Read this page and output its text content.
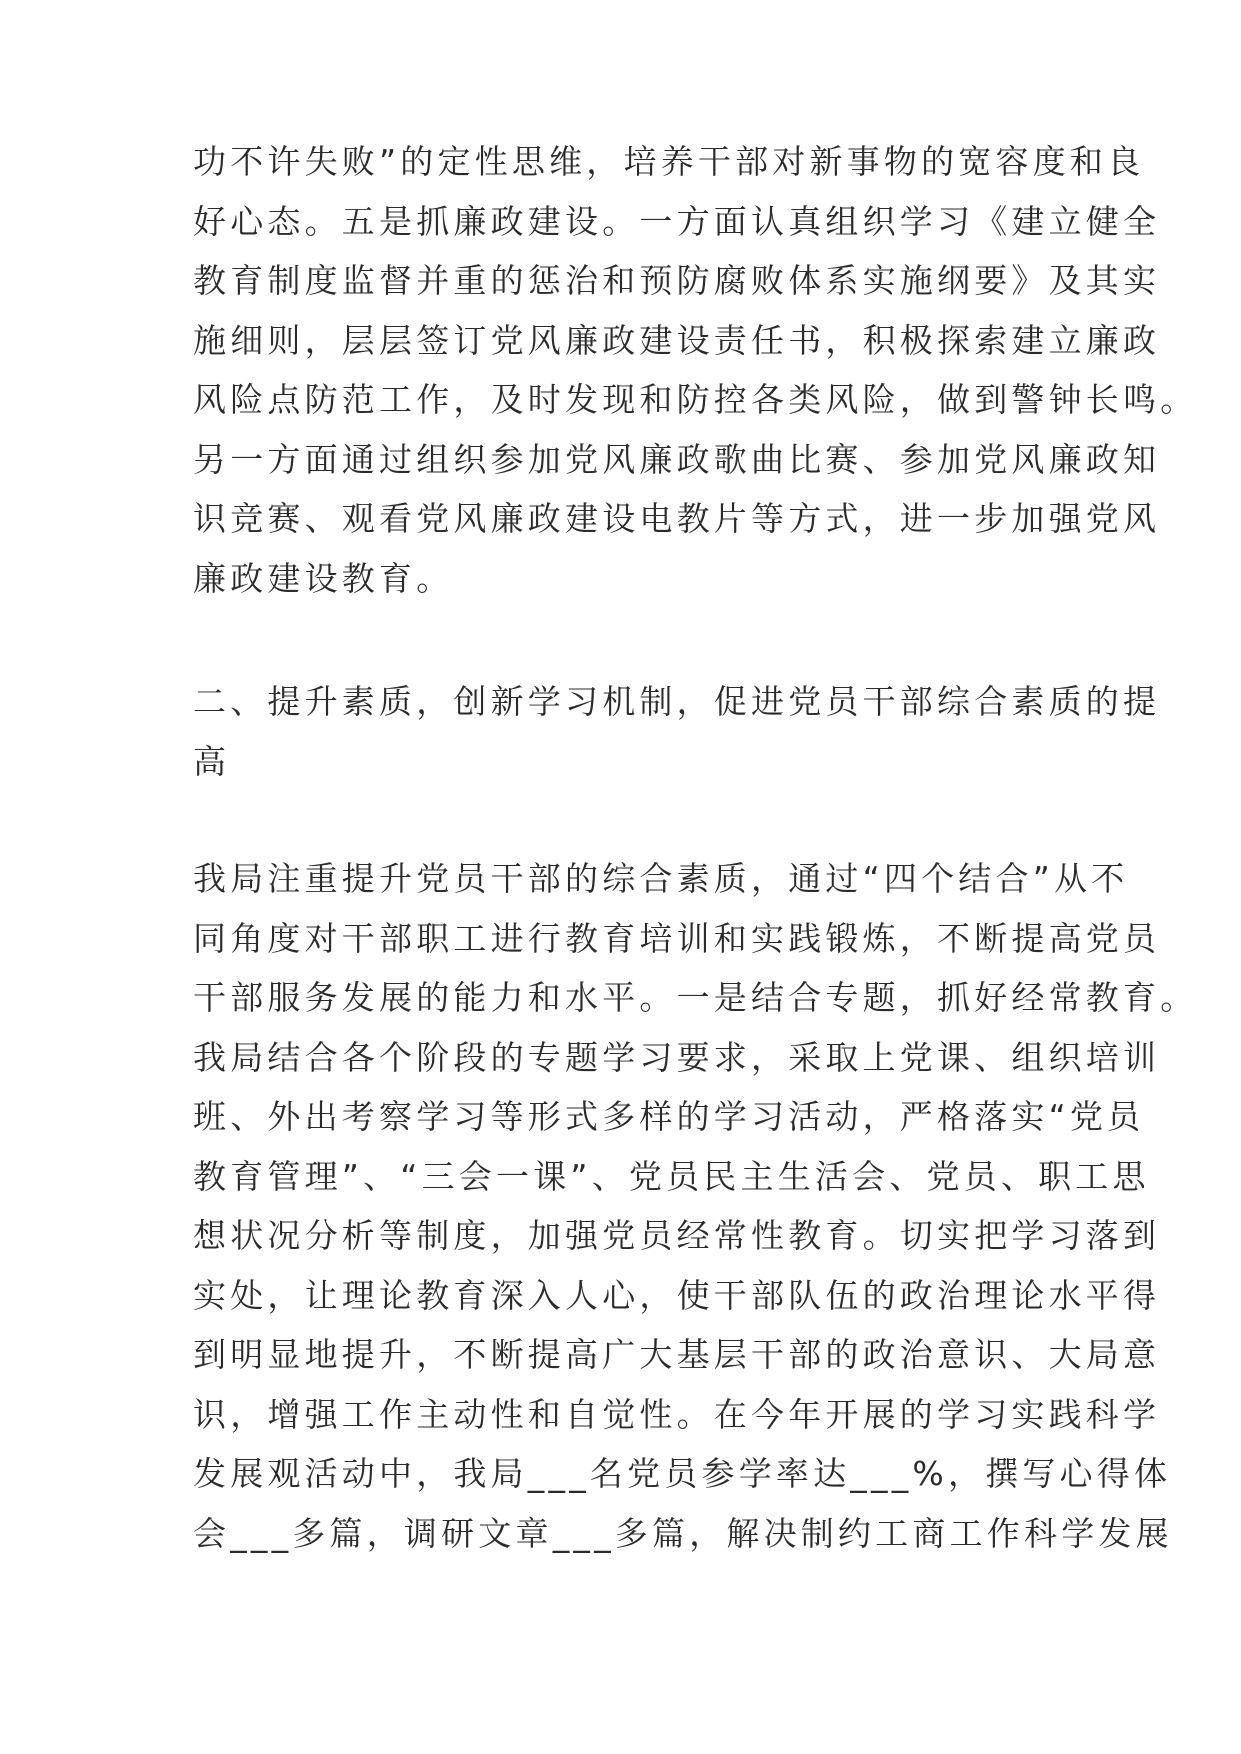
功不许失败”的定性思维，培养干部对新事物的宽容度和良
好心态。五是抓廉政建设。一方面认真组织学习《建立健全
教育制度监督并重的惩治和预防腐败体系实施纲要》及其实
施细则，层层签订党风廉政建设责任书，积极探索建立廉政
风险点防范工作，及时发现和防控各类风险，做到警钟长鸣。
另一方面通过组织参加党风廉政歌曲比赛、参加党风廉政知
识竞赛、观看党风廉政建设电教片等方式，进一步加强党风
廉政建设教育。
二、提升素质，创新学习机制，促进党员干部综合素质的提
高
我局注重提升党员干部的综合素质，通过“四个结合”从不
同角度对干部职工进行教育培训和实践锻炼，不断提高党员
干部服务发展的能力和水平。一是结合专题，抓好经常教育。
我局结合各个阶段的专题学习要求，采取上党课、组织培训
班、外出考察学习等形式多样的学习活动，严格落实“党员
教育管理”、“三会一课”、党员民主生活会、党员、职工思
想状况分析等制度，加强党员经常性教育。切实把学习落到
实处，让理论教育深入人心，使干部队伍的政治理论水平得
到明显地提升，不断提高广大基层干部的政治意识、大局意
识，增强工作主动性和自觉性。在今年开展的学习实践科学
发展观活动中，我局___名党员参学率达___%，撰写心得体
会___多篇，调研文章___多篇，解决制约工商工作科学发展
